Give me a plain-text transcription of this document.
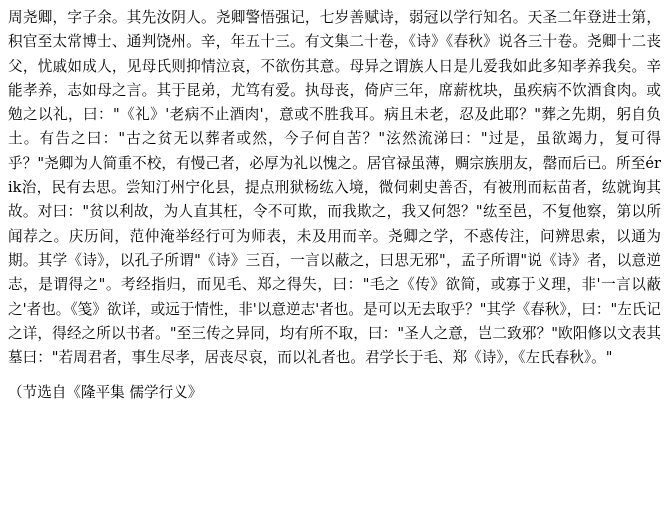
周尧卿，字子余。其先汝阴人。尧卿警悟强记，七岁善赋诗，弱冠以学行知名。天圣二年登进士第，积官至太常博士、通判饶州。辛，年五十三。有文集二十卷，《诗》《春秋》说各三十卷。尧卿十二丧父，忧戚如成人，见母氏则抑情泣哀，不欲伤其意。母异之谓族人日是儿爱我如此多知孝养我矣。辛能孝养，志如母之言。其于昆弟，尤笃有爱。执母丧，倚庐三年，席薪枕块，虽疾病不饮酒食肉。或勉之以礼，曰："《礼》'老病不止酒肉'，意或不胜我耳。病且未老，忍及此耶？"葬之先期，躬自负土。有告之曰："古之贫无以葬者或然，今子何自苦？"泫然流涕曰："过是，虽欲竭力，复可得乎？"尧卿为人简重不校，有慢己者，必厚为礼以愧之。居官禄虽薄，赒宗族朋友，罄而后已。所至érik治，民有去思。尝知汀州宁化县，提点刑狱杨纮入境，微伺刺史善否，有被刑而耘苗者，纮就询其故。对曰："贫以利故，为人直其枉，令不可欺，而我欺之，我又何怨？"纮至邑，不复他察，第以所闻荐之。庆历间，范仲淹举经行可为师表，未及用而辛。尧卿之学，不惑传注，问辨思索，以通为期。其学《诗》，以孔子所谓"《诗》三百，一言以蔽之，曰思无邪"，孟子所谓"说《诗》者，以意逆志，是谓得之"。考经指归，而见毛、郑之得失，曰："毛之《传》欲简，或寡于义理，非'一言以蔽之'者也。《笺》欲详，或远于情性，非'以意逆志'者也。是可以无去取乎？"其学《春秋》，曰："左氏记之详，得经之所以书者。"至三传之异同，均有所不取，曰："圣人之意，岂二致邪？"欧阳修以文表其墓曰："若周君者，事生尽孝，居丧尽哀，而以礼者也。君学长于毛、郑《诗》，《左氏春秋》。"

（节选自《隆平集 儒学行义》
